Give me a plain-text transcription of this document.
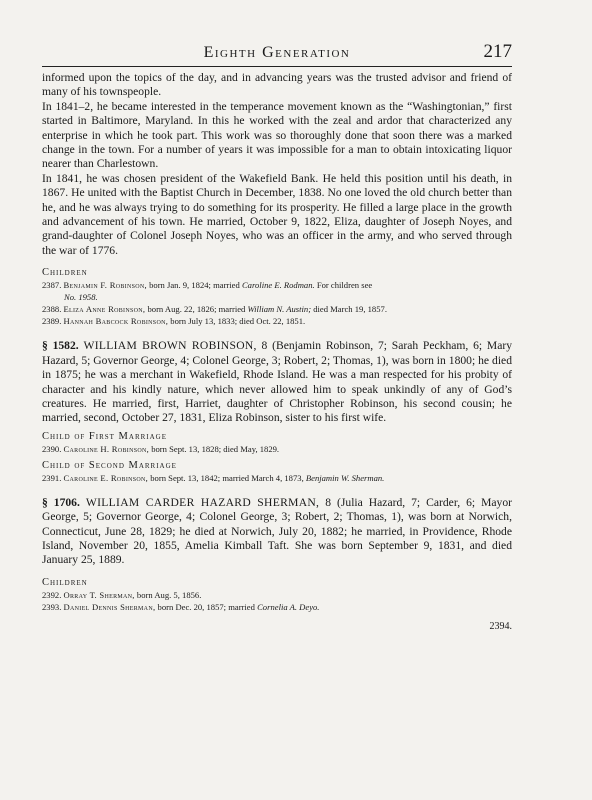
Eighth Generation	217

informed upon the topics of the day, and in advancing years was the trusted advisor and friend of many of his townspeople.

In 1841–2, he became interested in the temperance movement known as the “Washingtonian,” first started in Baltimore, Maryland. In this he worked with the zeal and ardor that characterized any enterprise in which he took part. This work was so thoroughly done that soon there was a marked change in the town. For a number of years it was impossible for a man to obtain intoxicating liquor nearer than Charlestown.

In 1841, he was chosen president of the Wakefield Bank. He held this position until his death, in 1867. He united with the Baptist Church in December, 1838. No one loved the old church better than he, and he was always trying to do something for its prosperity. He filled a large place in the growth and advancement of his town. He married, October 9, 1822, Eliza, daughter of Joseph Noyes, and grand-daughter of Colonel Joseph Noyes, who was an officer in the army, and who served through the war of 1776.

Children

2387. Benjamin F. Robinson, born Jan. 9, 1824; married Caroline E. Rodman. For children see
No. 1958.

2388. Eliza Anne Robinson, born Aug. 22, 1826; married William N. Austin; died March 19, 1857.

2389. Hannah Babcock Robinson, born July 13, 1833; died Oct. 22, 1851.

§ 1582. WILLIAM BROWN ROBINSON, 8 (Benjamin Robinson, 7; Sarah Peckham, 6; Mary Hazard, 5; Governor George, 4; Colonel George, 3; Robert, 2; Thomas, 1), was born in 1800; he died in 1875; he was a merchant in Wakefield, Rhode Island. He was a man respected for his probity of character and his kindly nature, which never allowed him to speak unkindly of any of God’s creatures. He married, first, Harriet, daughter of Christopher Robinson, his second cousin; he married, second, October 27, 1831, Eliza Robinson, sister to his first wife.

Child of First Marriage

2390. Caroline H. Robinson, born Sept. 13, 1828; died May, 1829.

Child of Second Marriage

2391. Caroline E. Robinson, born Sept. 13, 1842; married March 4, 1873, Benjamin W. Sherman.

§ 1706. WILLIAM CARDER HAZARD SHERMAN, 8 (Julia Hazard, 7; Carder, 6; Mayor George, 5; Governor George, 4; Colonel George, 3; Robert, 2; Thomas, 1), was born at Norwich, Connecticut, June 28, 1829; he died at Norwich, July 20, 1882; he married, in Providence, Rhode Island, November 20, 1855, Amelia Kimball Taft. She was born September 9, 1831, and died January 25, 1889.

Children

2392. Orray T. Sherman, born Aug. 5, 1856.

2393. Daniel Dennis Sherman, born Dec. 20, 1857; married Cornelia A. Deyo.

2394.
